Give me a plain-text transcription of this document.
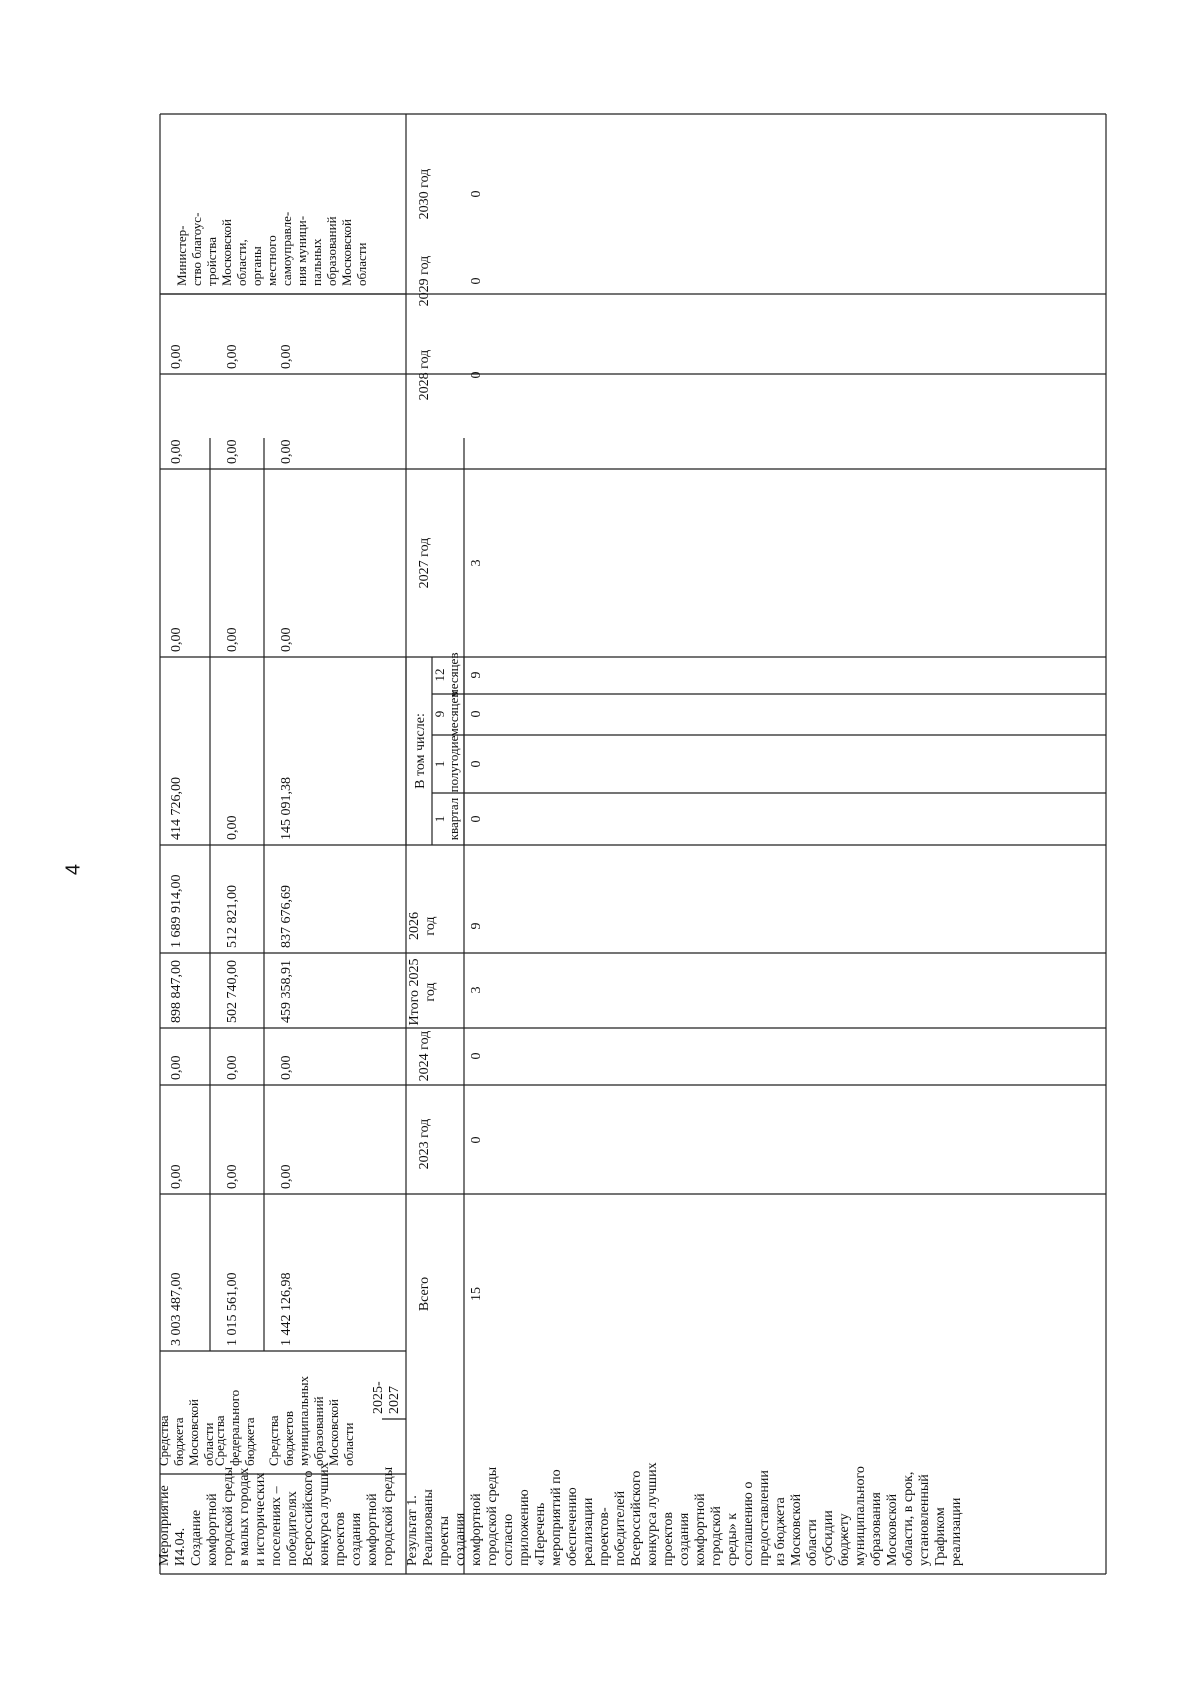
4
Мероприятие И4.04. Создание комфортной городской среды в малых городах и исторических поселениях – победителях Всероссийского конкурса лучших проектов создания комфортной городской среды
2025- 2027
Средства бюджета Московской области
Средства федерального бюджета Средства бюджетов муниципальных образований Московской области
3 003 487,00
0,00
0,00
898 847,00
1 689 914,00
414 726,00
0,00
0,00
0,00
1 015 561,00
0,00
0,00
502 740,00
512 821,00
0,00
0,00
0,00
0,00
1 442 126,98
0,00
0,00
459 358,91
837 676,69
145 091,38
0,00
0,00
0,00
Министер- ство благоус- тройства Московской области, органы местного самоуправле- ния муници- пальных образований Московской области
Результат 1. Реализованы проекты создания комфортной городской среды согласно приложению «Перечень мероприятий по обеспечению реализации проектов- победителей Всероссийского конкурса лучших проектов создания комфортной городской среды» к соглашению о предоставлении из бюджета Московской области субсидии бюджету муниципального образования Московской области, в срок, установленный Графиком реализации
Всего
2023 год
2024 год
Итого 2025 год
2026 год
В том числе:
1 квартал
1 полугодие
9 месяцев
12 месяцев
2027 год
2028 год
2029 год
2030 год
15
0
0
3
9
0
0
0
9
3
0
0
0
